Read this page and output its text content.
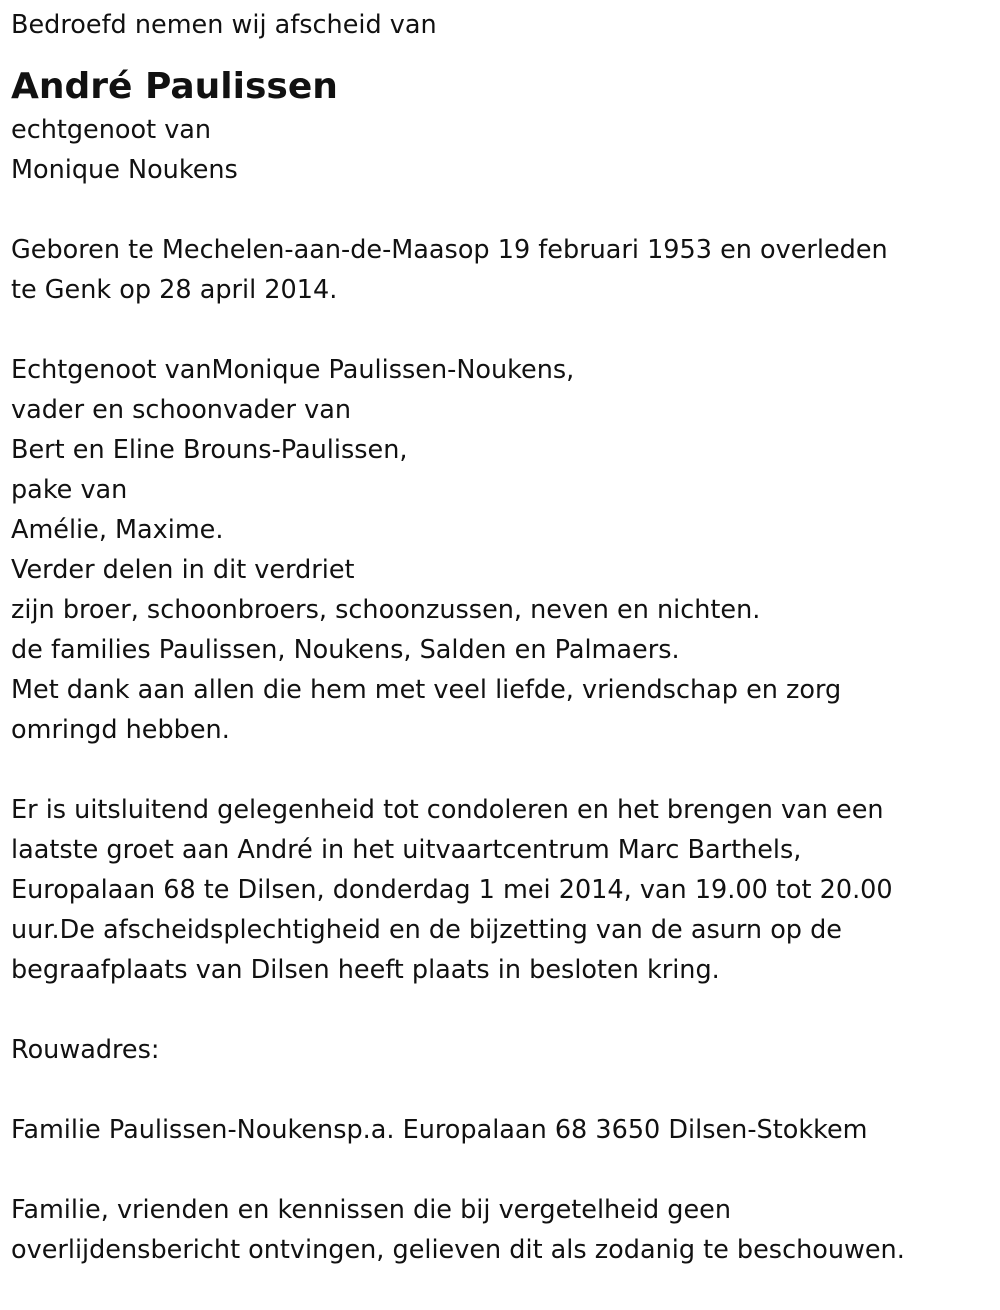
Bedroefd nemen wij afscheid van
André Paulissen
echtgenoot van
Monique Noukens
Geboren te Mechelen-aan-de-Maasop 19 februari 1953 en overleden
te Genk op 28 april 2014.
Echtgenoot vanMonique Paulissen-Noukens,
vader en schoonvader van
Bert en Eline Brouns-Paulissen,
pake van
Amélie, Maxime.
Verder delen in dit verdriet
zijn broer, schoonbroers, schoonzussen, neven en nichten.
de families Paulissen, Noukens, Salden en Palmaers.
Met dank aan allen die hem met veel liefde, vriendschap en zorg
omringd hebben.
Er is uitsluitend gelegenheid tot condoleren en het brengen van een
laatste groet aan André in het uitvaartcentrum Marc Barthels,
Europalaan 68 te Dilsen, donderdag 1 mei 2014, van 19.00 tot 20.00
uur.De afscheidsplechtigheid en de bijzetting van de asurn op de
begraafplaats van Dilsen heeft plaats in besloten kring.
Rouwadres:
Familie Paulissen-Noukensp.a. Europalaan 68 3650 Dilsen-Stokkem
Familie, vrienden en kennissen die bij vergetelheid geen
overlijdensbericht ontvingen, gelieven dit als zodanig te beschouwen.
